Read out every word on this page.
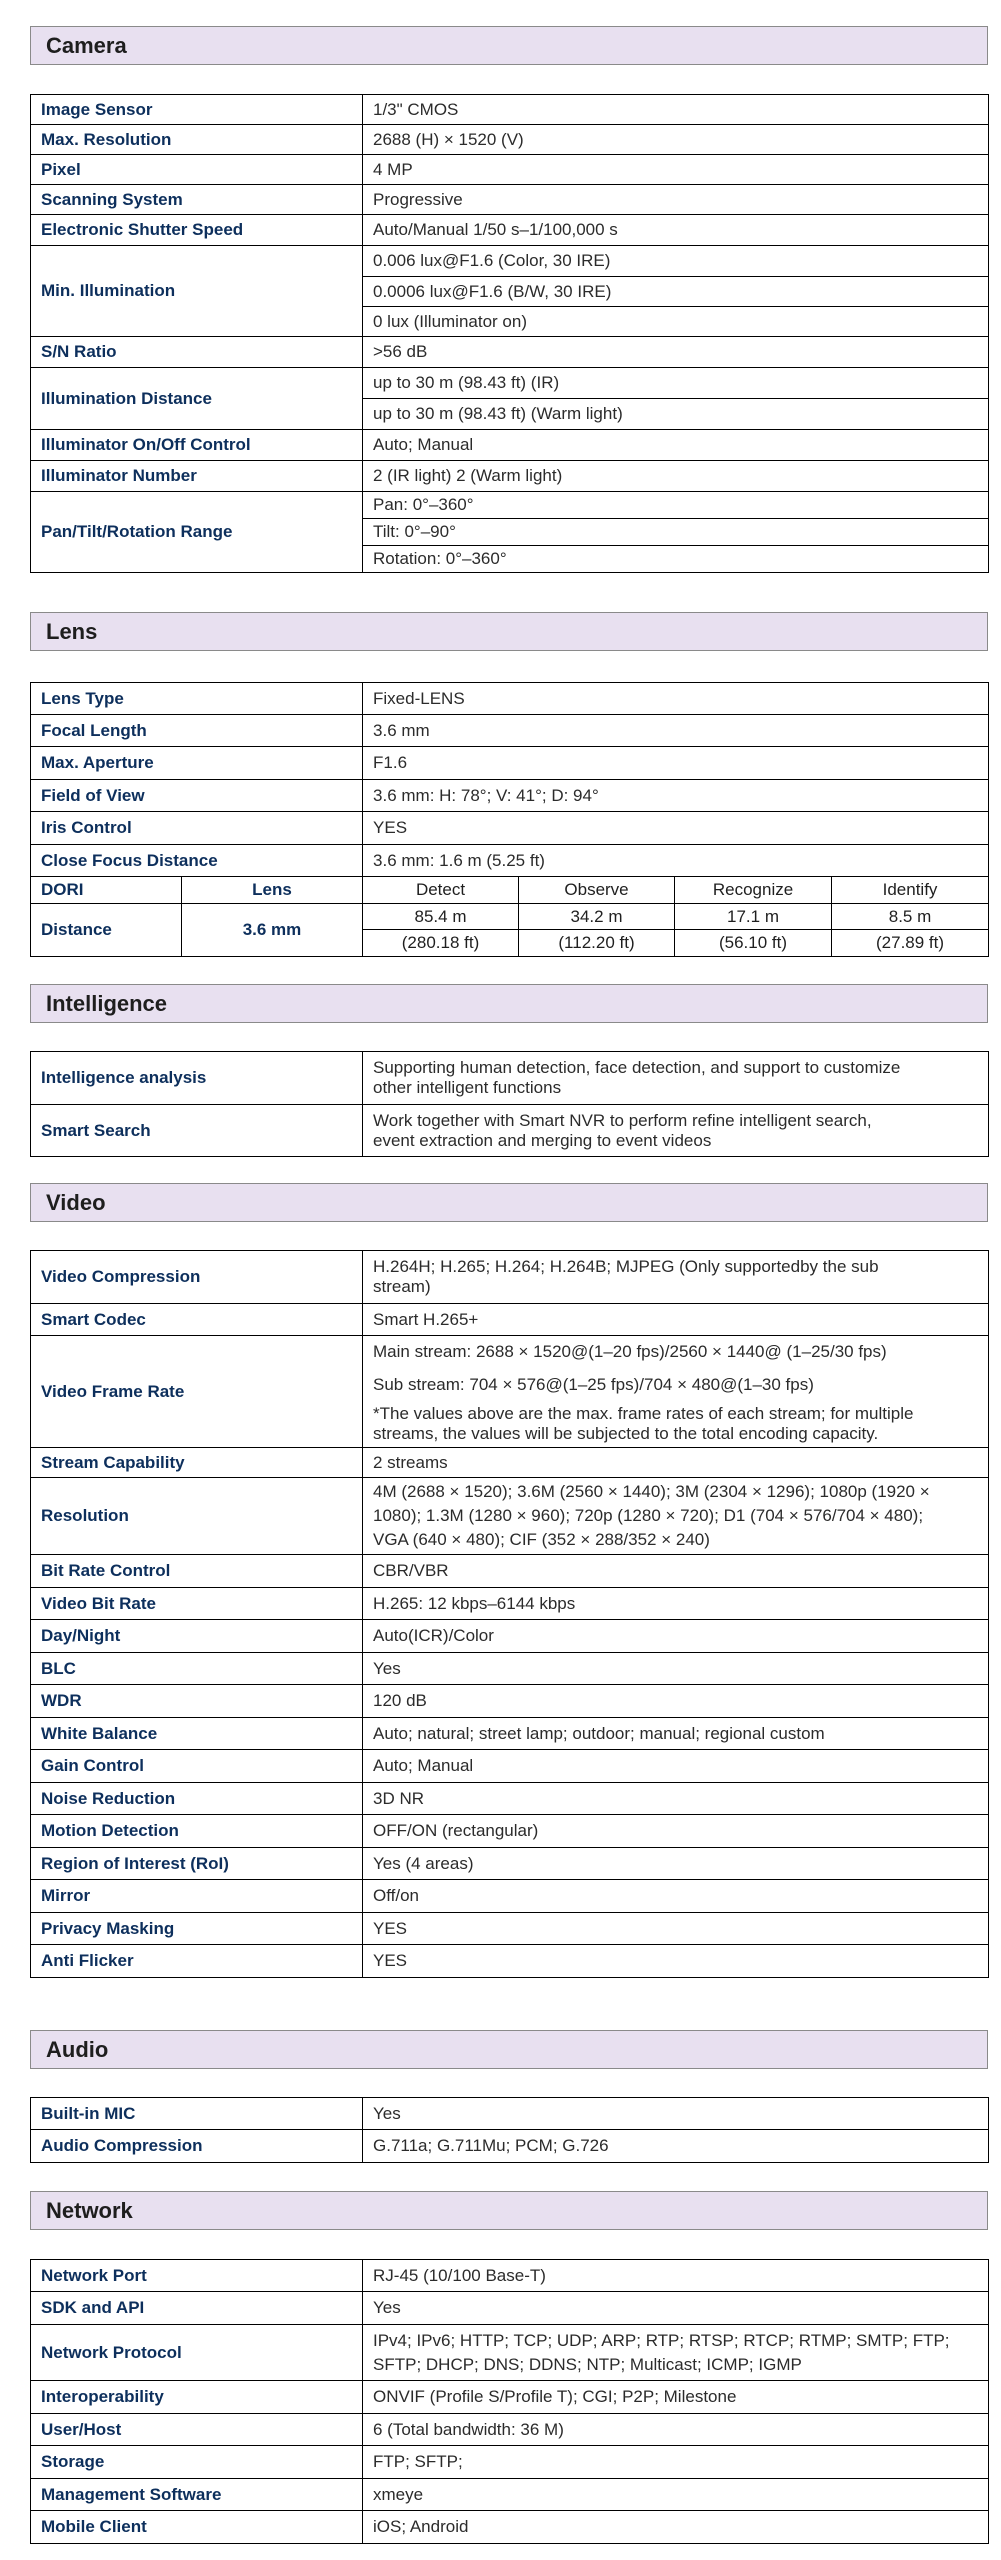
Camera
Image Sensor	1/3" CMOS
Max. Resolution	2688 (H) × 1520 (V)
Pixel	4 MP
Scanning System	Progressive
Electronic Shutter Speed	Auto/Manual 1/50 s–1/100,000 s
Min. Illumination	0.006 lux@F1.6 (Color, 30 IRE)
	0.0006 lux@F1.6 (B/W, 30 IRE)
	0 lux (Illuminator on)
S/N Ratio	>56 dB
Illumination Distance	up to 30 m (98.43 ft) (IR)
	up to 30 m (98.43 ft) (Warm light)
Illuminator On/Off Control	Auto; Manual
Illuminator Number	2 (IR light) 2 (Warm light)
Pan/Tilt/Rotation Range	Pan: 0°–360°
	Tilt: 0°–90°
	Rotation: 0°–360°
Lens
Lens Type		Fixed-LENS			
Focal Length		3.6 mm			
Max. Aperture		F1.6			
Field of View		3.6 mm: H: 78°; V: 41°; D: 94°			
Iris Control		YES			
Close Focus Distance		3.6 mm: 1.6 m (5.25 ft)			
DORI	Lens	Detect	Observe	Recognize	Identify
Distance	3.6 mm	85.4 m	34.2 m	17.1 m	8.5 m
		(280.18 ft)	(112.20 ft)	(56.10 ft)	(27.89 ft)
Intelligence
Intelligence analysis	Supporting human detection, face detection, and support to customize
other intelligent functions

Smart Search	Work together with Smart NVR to perform refine intelligent search,
event extraction and merging to event videos
Video
Video Compression	H.264H; H.265; H.264; H.264B; MJPEG (Only supportedby the sub
stream)

Smart Codec	Smart H.265+
Video Frame Rate	Main stream: 2688 × 1520@(1–20 fps)/2560 × 1440@ (1–25/30 fps)
	Sub stream: 704 × 576@(1–25 fps)/704 × 480@(1–30 fps)

	*The values above are the max. frame rates of each stream; for multiple
streams, the values will be subjected to the total encoding capacity.

Stream Capability	2 streams
Resolution	4M (2688 × 1520); 3.6M (2560 × 1440); 3M (2304 × 1296); 1080p (1920 ×
1080); 1.3M (1280 × 960); 720p (1280 × 720); D1 (704 × 576/704 × 480);
VGA (640 × 480); CIF (352 × 288/352 × 240)

Bit Rate Control	CBR/VBR
Video Bit Rate	H.265: 12 kbps–6144 kbps
Day/Night	Auto(ICR)/Color
BLC	Yes
WDR	120 dB
White Balance	Auto; natural; street lamp; outdoor; manual; regional custom
Gain Control	Auto; Manual
Noise Reduction	3D NR
Motion Detection	OFF/ON (rectangular)
Region of Interest (RoI)	Yes (4 areas)
Mirror	Off/on
Privacy Masking	YES
Anti Flicker	YES
Audio
Built-in MIC	Yes
Audio Compression	G.711a; G.711Mu; PCM; G.726
Network
Network Port	RJ-45 (10/100 Base-T)
SDK and API	Yes
Network Protocol	IPv4; IPv6; HTTP; TCP; UDP; ARP; RTP; RTSP; RTCP; RTMP; SMTP; FTP;
SFTP; DHCP; DNS; DDNS; NTP; Multicast; ICMP; IGMP

Interoperability	ONVIF (Profile S/Profile T); CGI; P2P; Milestone
User/Host	6 (Total bandwidth: 36 M)
Storage	FTP; SFTP;
Management Software	xmeye
Mobile Client	iOS; Android
